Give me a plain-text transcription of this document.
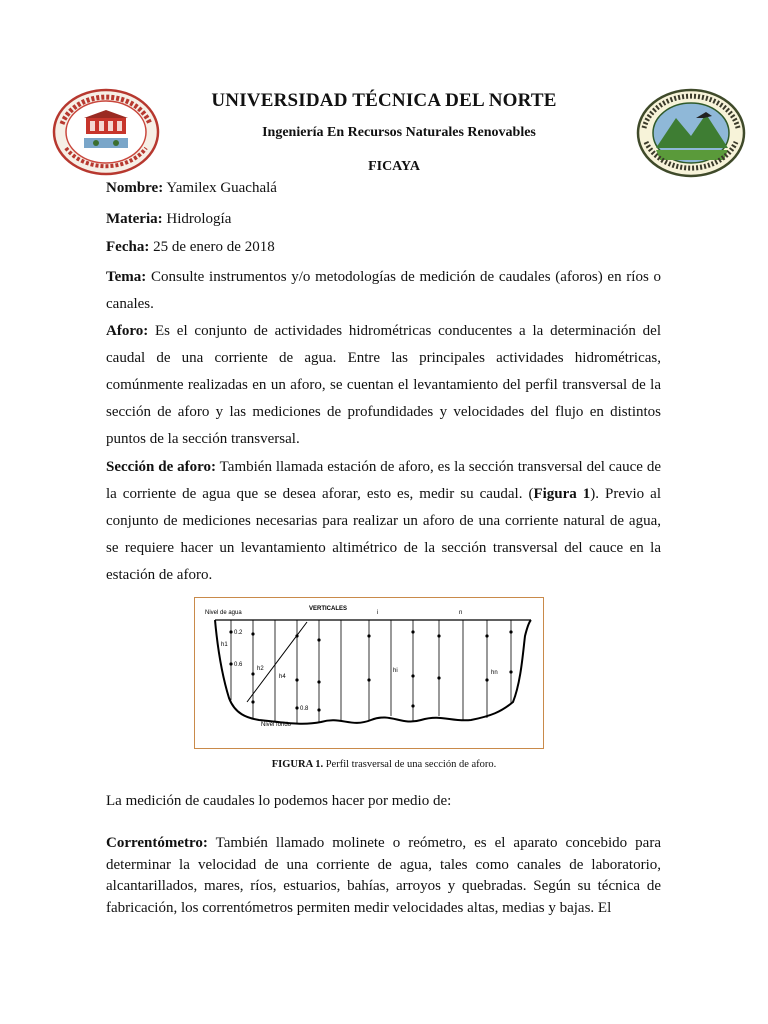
UNIVERSIDAD TÉCNICA DEL NORTE
Ingeniería En Recursos Naturales Renovables
FICAYA
Nombre: Yamilex Guachalá
Materia: Hidrología
Fecha: 25 de enero de 2018
Tema: Consulte instrumentos y/o metodologías de medición de caudales (aforos) en ríos o canales.
Aforo: Es el conjunto de actividades hidrométricas conducentes a la determinación del caudal de una corriente de agua. Entre las principales actividades hidrométricas, comúnmente realizadas en un aforo, se cuentan el levantamiento del perfil transversal de la sección de aforo y las mediciones de profundidades y velocidades del flujo en distintos puntos de la sección transversal.
Sección de aforo: También llamada estación de aforo, es la sección transversal del cauce de la corriente de agua que se desea aforar, esto es, medir su caudal. (Figura 1). Previo al conjunto de mediciones necesarias para realizar un aforo de una corriente natural de agua, se requiere hacer un levantamiento altimétrico de la sección transversal del cauce en la estación de aforo.
Nivel de agua
VERTICALES
n
i
0.2
0.6
0.8
h1
h2
h4
hi	hn
Nivel fondo
FIGURA 1. Perfil trasversal de una sección de aforo.
La medición de caudales lo podemos hacer por medio de:
Correntómetro: También llamado molinete o reómetro, es el aparato concebido para determinar la velocidad de una corriente de agua, tales como canales de laboratorio, alcantarillados, mares, ríos, estuarios, bahías, arroyos y quebradas. Según su técnica de fabricación, los correntómetros permiten medir velocidades altas, medias y bajas. El
